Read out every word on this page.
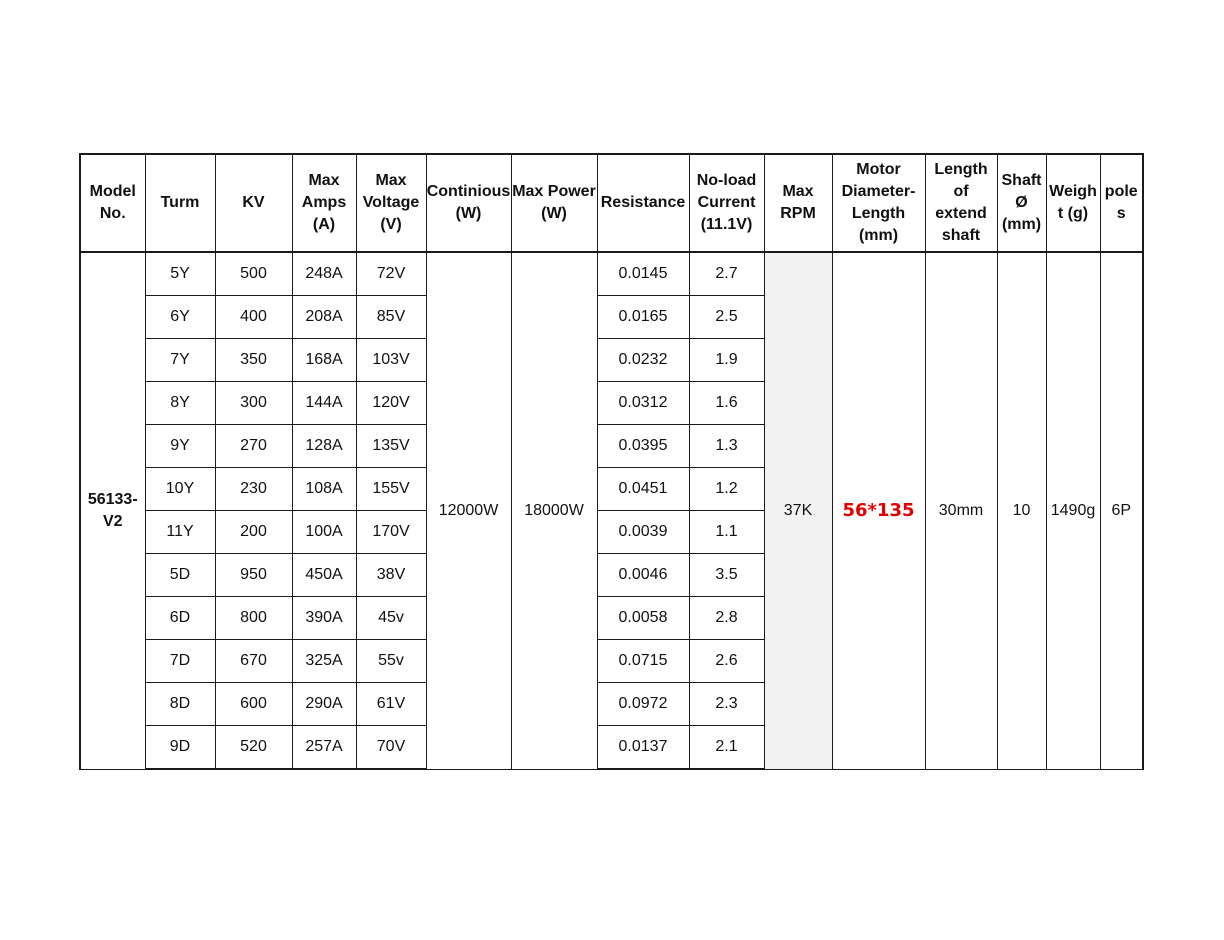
Model No.	Turm	KV	Max Amps (A)	Max Voltage (V)	Continious (W)	Max Power (W)	Resistance	No-load Current (11.1V)	Max RPM	Motor Diameter-Length (mm)	Length of extend shaft	Shaft Ø (mm)	Weigh t (g)	pole s
56133-V2	5Y	500	248A	72V	12000W	18000W	0.0145	2.7	37K	56*135	30mm	10	1490g	6P
	6Y	400	208A	85V			0.0165	2.5						
	7Y	350	168A	103V			0.0232	1.9						
	8Y	300	144A	120V			0.0312	1.6						
	9Y	270	128A	135V			0.0395	1.3						
	10Y	230	108A	155V			0.0451	1.2						
	11Y	200	100A	170V			0.0039	1.1						
	5D	950	450A	38V			0.0046	3.5						
	6D	800	390A	45v			0.0058	2.8						
	7D	670	325A	55v			0.0715	2.6						
	8D	600	290A	61V			0.0972	2.3						
	9D	520	257A	70V			0.0137	2.1						
